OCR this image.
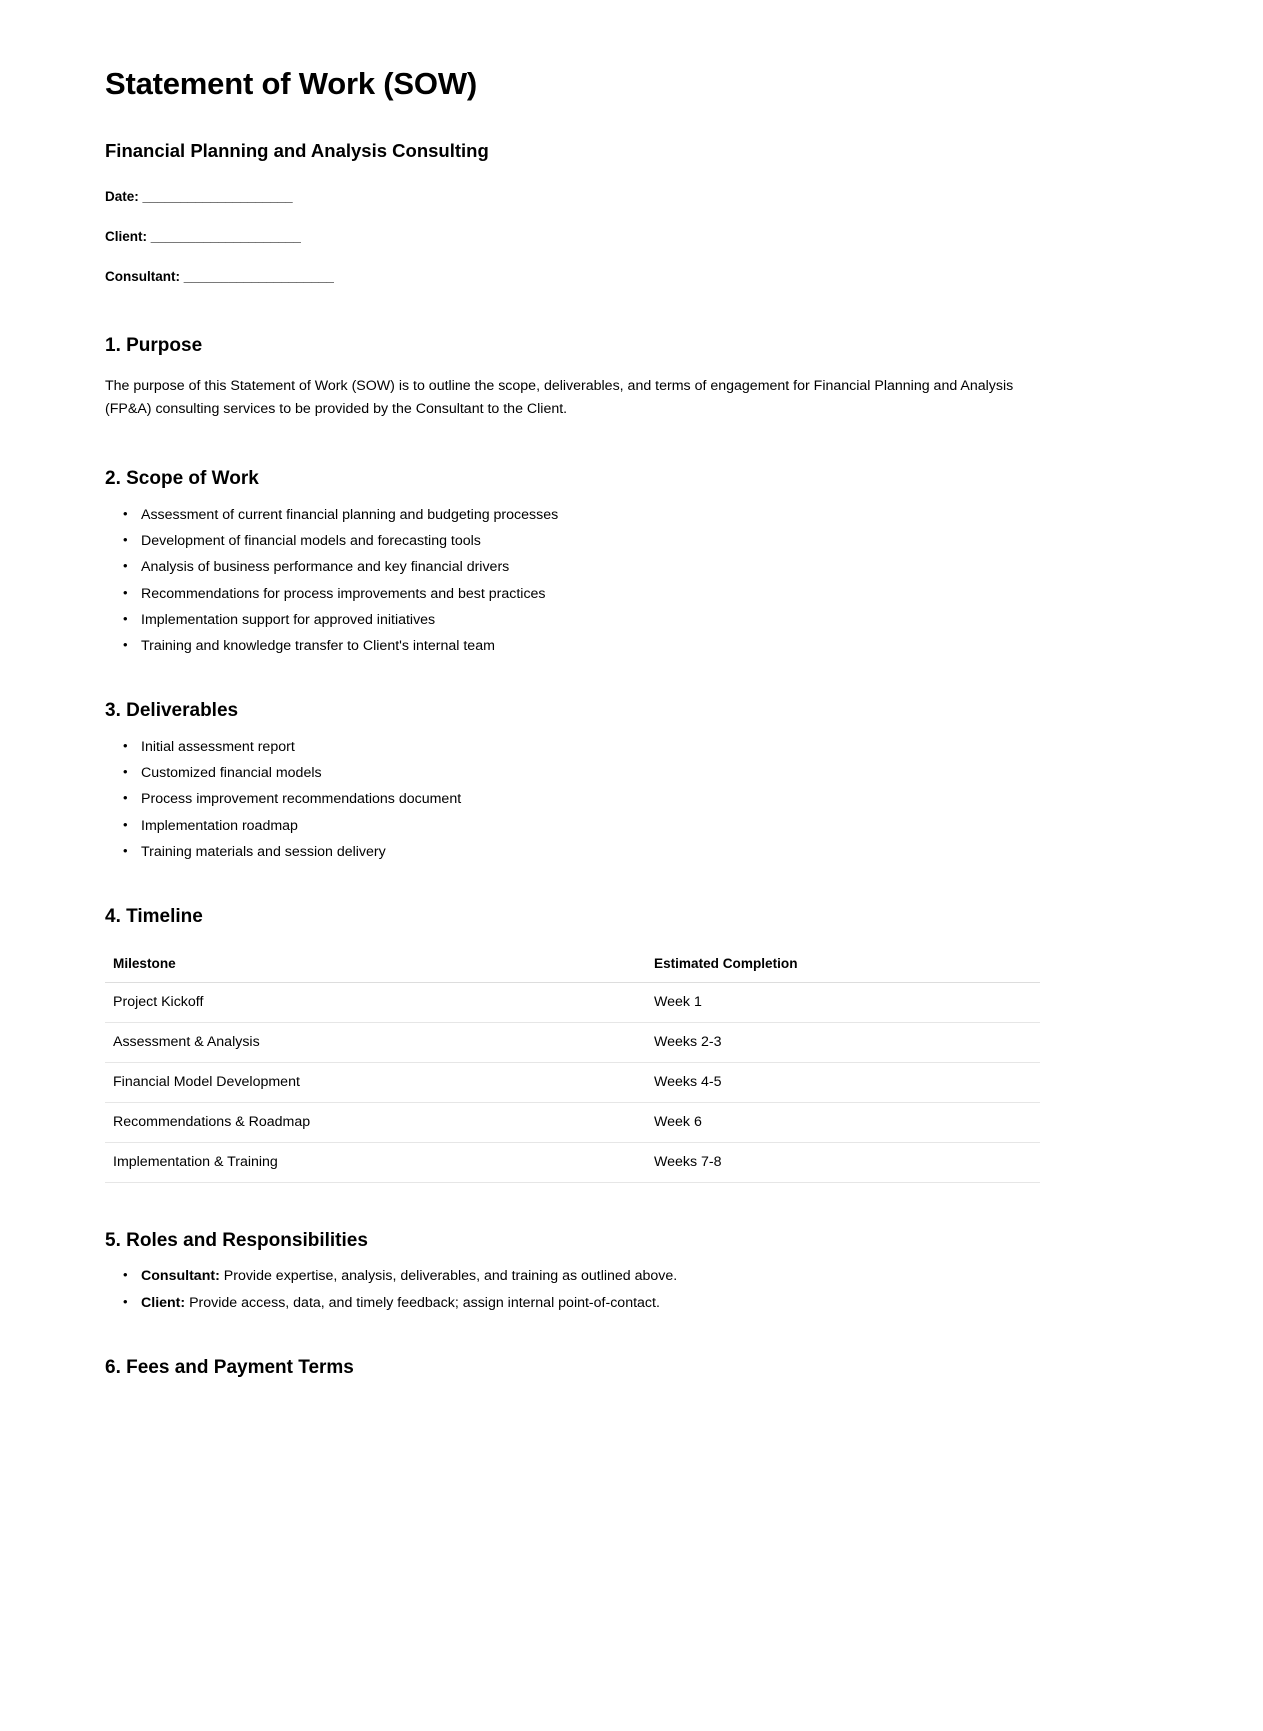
Statement of Work (SOW)
Financial Planning and Analysis Consulting
Date: ____________________
Client: ____________________
Consultant: ____________________
1. Purpose

The purpose of this Statement of Work (SOW) is to outline the scope, deliverables, and terms of engagement for Financial Planning and Analysis (FP&A) consulting services to be provided by the Consultant to the Client.

2. Scope of Work
• Assessment of current financial planning and budgeting processes
• Development of financial models and forecasting tools
• Analysis of business performance and key financial drivers
• Recommendations for process improvements and best practices
• Implementation support for approved initiatives
• Training and knowledge transfer to Client's internal team
3. Deliverables
• Initial assessment report
• Customized financial models
• Process improvement recommendations document
• Implementation roadmap
• Training materials and session delivery
4. Timeline
Milestone	Estimated Completion
Project Kickoff	Week 1
Assessment & Analysis	Weeks 2-3
Financial Model Development	Weeks 4-5
Recommendations & Roadmap	Week 6
Implementation & Training	Weeks 7-8
5. Roles and Responsibilities
• Consultant: Provide expertise, analysis, deliverables, and training as outlined above.
• Client: Provide access, data, and timely feedback; assign internal point-of-contact.
6. Fees and Payment Terms
